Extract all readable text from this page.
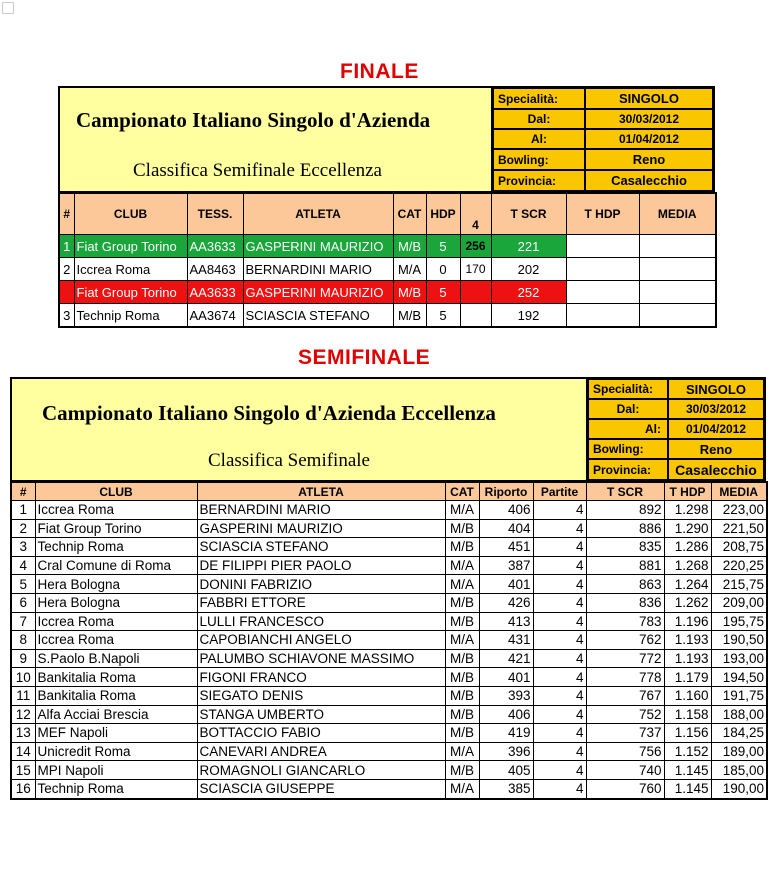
FINALE
Campionato Italiano Singolo d'Azienda
Classifica Semifinale Eccellenza
Specialità:	SINGOLO
Dal:	30/03/2012
Al:	01/04/2012
Bowling:	Reno
Provincia:	Casalecchio
#	CLUB	TESS.	ATLETA	CAT	HDP	4	T SCR	T HDP	MEDIA
1	Fiat Group Torino	AA3633	GASPERINI MAURIZIO	M/B	5	256	221		
2	Iccrea Roma	AA8463	BERNARDINI MARIO	M/A	0	170	202		
	Fiat Group Torino	AA3633	GASPERINI MAURIZIO	M/B	5		252		
3	Technip Roma	AA3674	SCIASCIA STEFANO	M/B	5		192		
SEMIFINALE
Campionato Italiano Singolo d'Azienda Eccellenza
Classifica Semifinale
Specialità:	SINGOLO
Dal:	30/03/2012
Al:	01/04/2012
Bowling:	Reno
Provincia:	Casalecchio
#	CLUB	ATLETA	CAT	Riporto	Partite	T SCR	T HDP	MEDIA
1	Iccrea Roma	BERNARDINI MARIO	M/A	406	4	892	1.298	223,00
2	Fiat Group Torino	GASPERINI MAURIZIO	M/B	404	4	886	1.290	221,50
3	Technip Roma	SCIASCIA STEFANO	M/B	451	4	835	1.286	208,75
4	Cral Comune di Roma	DE FILIPPI PIER PAOLO	M/A	387	4	881	1.268	220,25
5	Hera Bologna	DONINI FABRIZIO	M/A	401	4	863	1.264	215,75
6	Hera Bologna	FABBRI ETTORE	M/B	426	4	836	1.262	209,00
7	Iccrea Roma	LULLI FRANCESCO	M/B	413	4	783	1.196	195,75
8	Iccrea Roma	CAPOBIANCHI ANGELO	M/A	431	4	762	1.193	190,50
9	S.Paolo B.Napoli	PALUMBO SCHIAVONE MASSIMO	M/B	421	4	772	1.193	193,00
10	Bankitalia Roma	FIGONI FRANCO	M/B	401	4	778	1.179	194,50
11	Bankitalia Roma	SIEGATO DENIS	M/B	393	4	767	1.160	191,75
12	Alfa Acciai Brescia	STANGA UMBERTO	M/B	406	4	752	1.158	188,00
13	MEF Napoli	BOTTACCIO FABIO	M/B	419	4	737	1.156	184,25
14	Unicredit Roma	CANEVARI ANDREA	M/A	396	4	756	1.152	189,00
15	MPI Napoli	ROMAGNOLI GIANCARLO	M/B	405	4	740	1.145	185,00
16	Technip Roma	SCIASCIA GIUSEPPE	M/A	385	4	760	1.145	190,00
